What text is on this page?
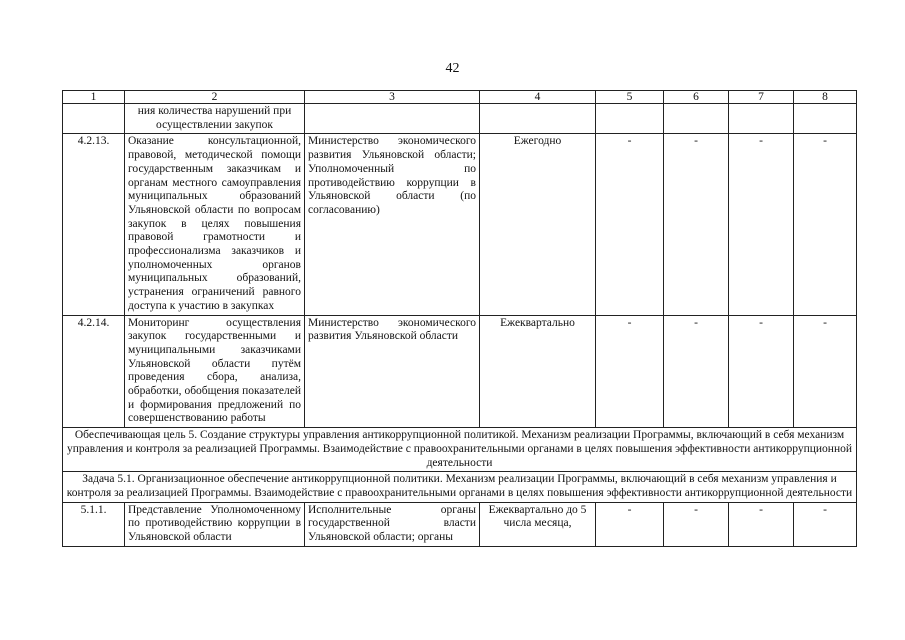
42
1	2	3	4	5	6	7	8
	ния количества нарушений при осуществлении закупок						
4.2.13.	Оказание консультационной, правовой, методической помощи государственным заказчикам и органам местного самоуправления муниципальных образований Ульяновской области по вопросам закупок в целях повышения правовой грамотности и профессионализма заказчиков и уполномоченных органов муниципальных образований, устранения ограничений равного доступа к участию в закупках	Министерство экономического развития Ульяновской области; Уполномоченный по противодействию коррупции в Ульяновской области (по согласованию)	Ежегодно	-	-	-	-
4.2.14.	Мониторинг осуществления закупок государственными и муниципальными заказчиками Ульяновской области путём проведения сбора, анализа, обработки, обобщения показателей и формирования предложений по совершенствованию работы	Министерство экономического развития Ульяновской области	Ежеквартально	-	-	-	-
Обеспечивающая цель 5. Создание структуры управления антикоррупционной политикой. Механизм реализации Программы, включающий в себя механизм управления и контроля за реализацией Программы. Взаимодействие с правоохранительными органами в целях повышения эффективности антикоррупционной деятельности							
Задача 5.1. Организационное обеспечение антикоррупционной политики. Механизм реализации Программы, включающий в себя механизм управления и контроля за реализацией Программы. Взаимодействие с правоохранительными органами в целях повышения эффективности антикоррупционной деятельности							
5.1.1.	Представление Уполномоченному по противодействию коррупции в Ульяновской области	Исполнительные органы государственной власти Ульяновской области; органы	Ежеквартально до 5 числа месяца,	-	-	-	-
